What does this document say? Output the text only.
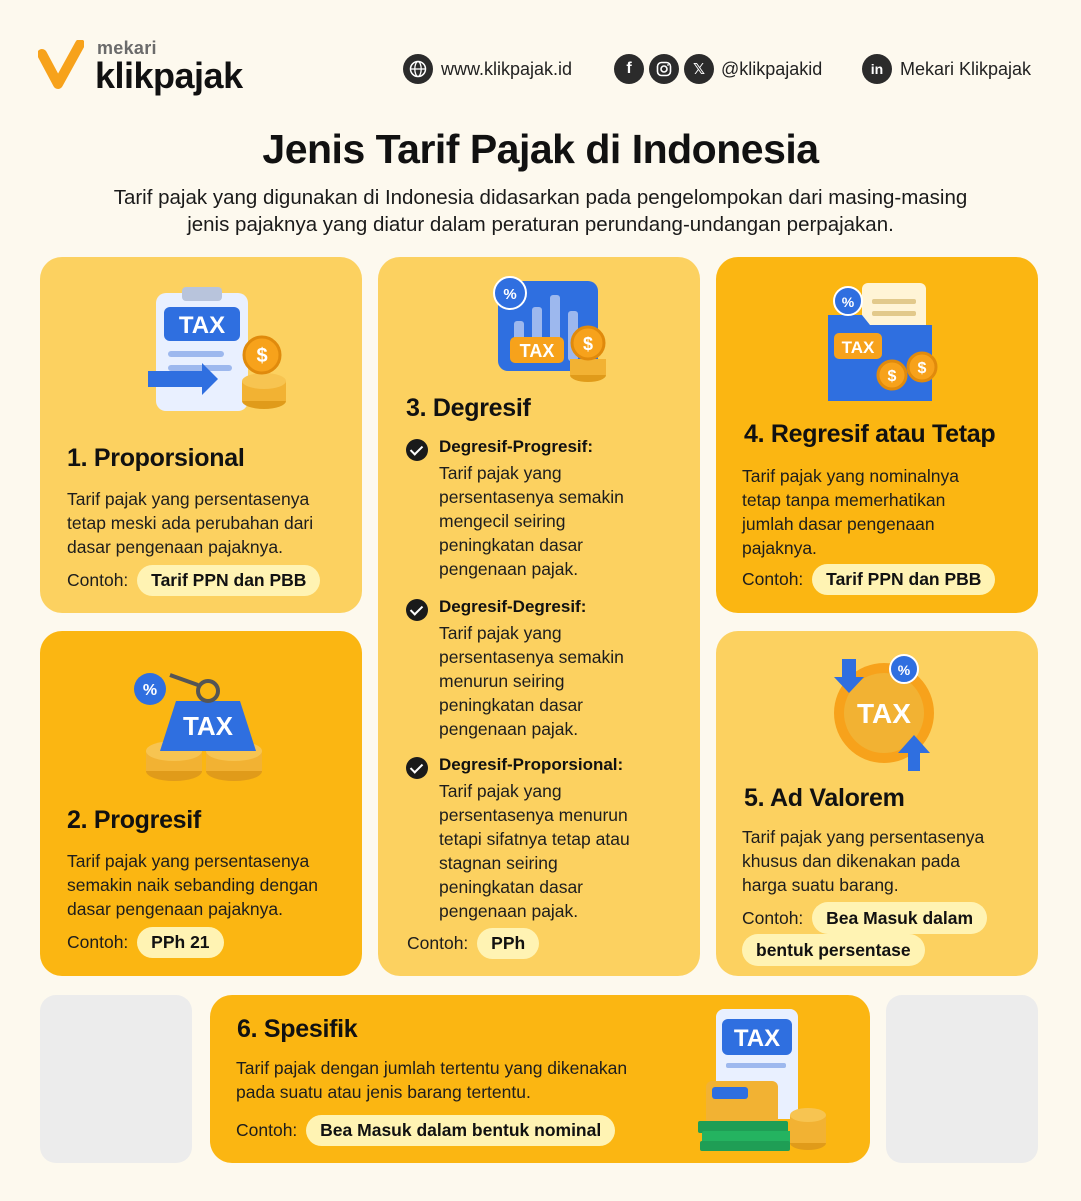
mekari
klikpajak	www.klikpajak.id	f	𝕏 @klikpajakid	in Mekari Klikpajak
Jenis Tarif Pajak di Indonesia
Tarif pajak yang digunakan di Indonesia didasarkan pada pengelompokan dari masing-masing
jenis pajaknya yang diatur dalam peraturan perundang-undangan perpajakan.
TAX
$
1. Proporsional
Tarif pajak yang persentasenya
tetap meski ada perubahan dari
dasar pengenaan pajaknya.
Contoh: Tarif PPN dan PBB
TAX
%
2. Progresif
Tarif pajak yang persentasenya
semakin naik sebanding dengan
dasar pengenaan pajaknya.
Contoh: PPh 21
TAX
%
$
3. Degresif
Degresif-Progresif:
Tarif pajak yang
persentasenya semakin
mengecil seiring
peningkatan dasar
pengenaan pajak.
Degresif-Degresif:
Tarif pajak yang
persentasenya semakin
menurun seiring
peningkatan dasar
pengenaan pajak.
Degresif-Proporsional:
Tarif pajak yang
persentasenya menurun
tetapi sifatnya tetap atau
stagnan seiring
peningkatan dasar
pengenaan pajak.
Contoh: PPh
TAX
%
$ $
4. Regresif atau Tetap
Tarif pajak yang nominalnya
tetap tanpa memerhatikan
jumlah dasar pengenaan
pajaknya.
Contoh: Tarif PPN dan PBB
TAX
%
5. Ad Valorem
Tarif pajak yang persentasenya
khusus dan dikenakan pada
harga suatu barang.
Contoh: Bea Masuk dalam
bentuk persentase
6. Spesifik
Tarif pajak dengan jumlah tertentu yang dikenakan
pada suatu atau jenis barang tertentu.
Contoh: Bea Masuk dalam bentuk nominal
TAX
